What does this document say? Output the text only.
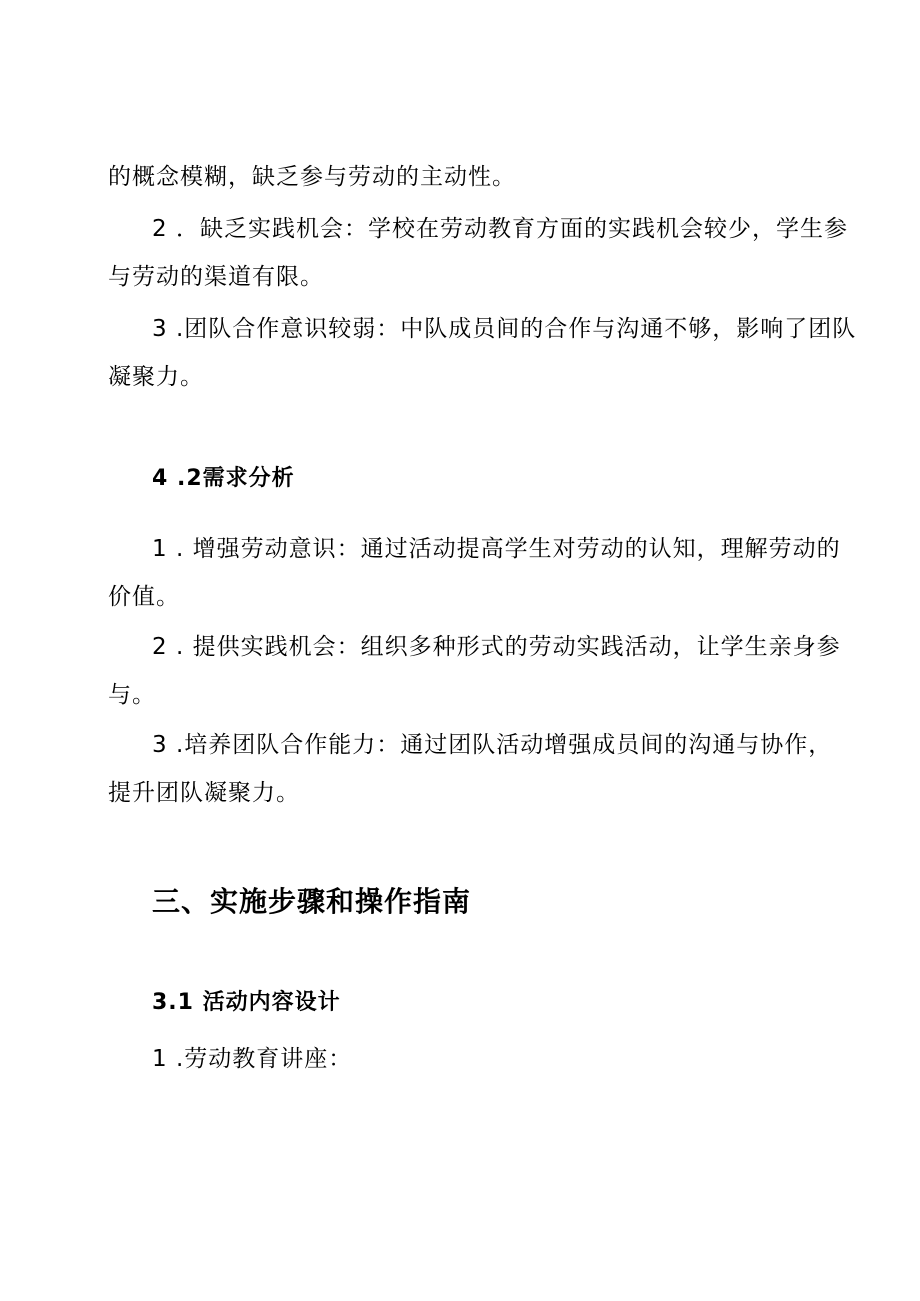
的概念模糊，缺乏参与劳动的主动性。
2 ．缺乏实践机会：学校在劳动教育方面的实践机会较少，学生参
与劳动的渠道有限。
3 .团队合作意识较弱：中队成员间的合作与沟通不够，影响了团队
凝聚力。
4 .2需求分析
1 . 增强劳动意识：通过活动提高学生对劳动的认知，理解劳动的
价值。
2 . 提供实践机会：组织多种形式的劳动实践活动，让学生亲身参
与。
3 .培养团队合作能力：通过团队活动增强成员间的沟通与协作，
提升团队凝聚力。
三、实施步骤和操作指南
3.1 活动内容设计
1 .劳动教育讲座：
